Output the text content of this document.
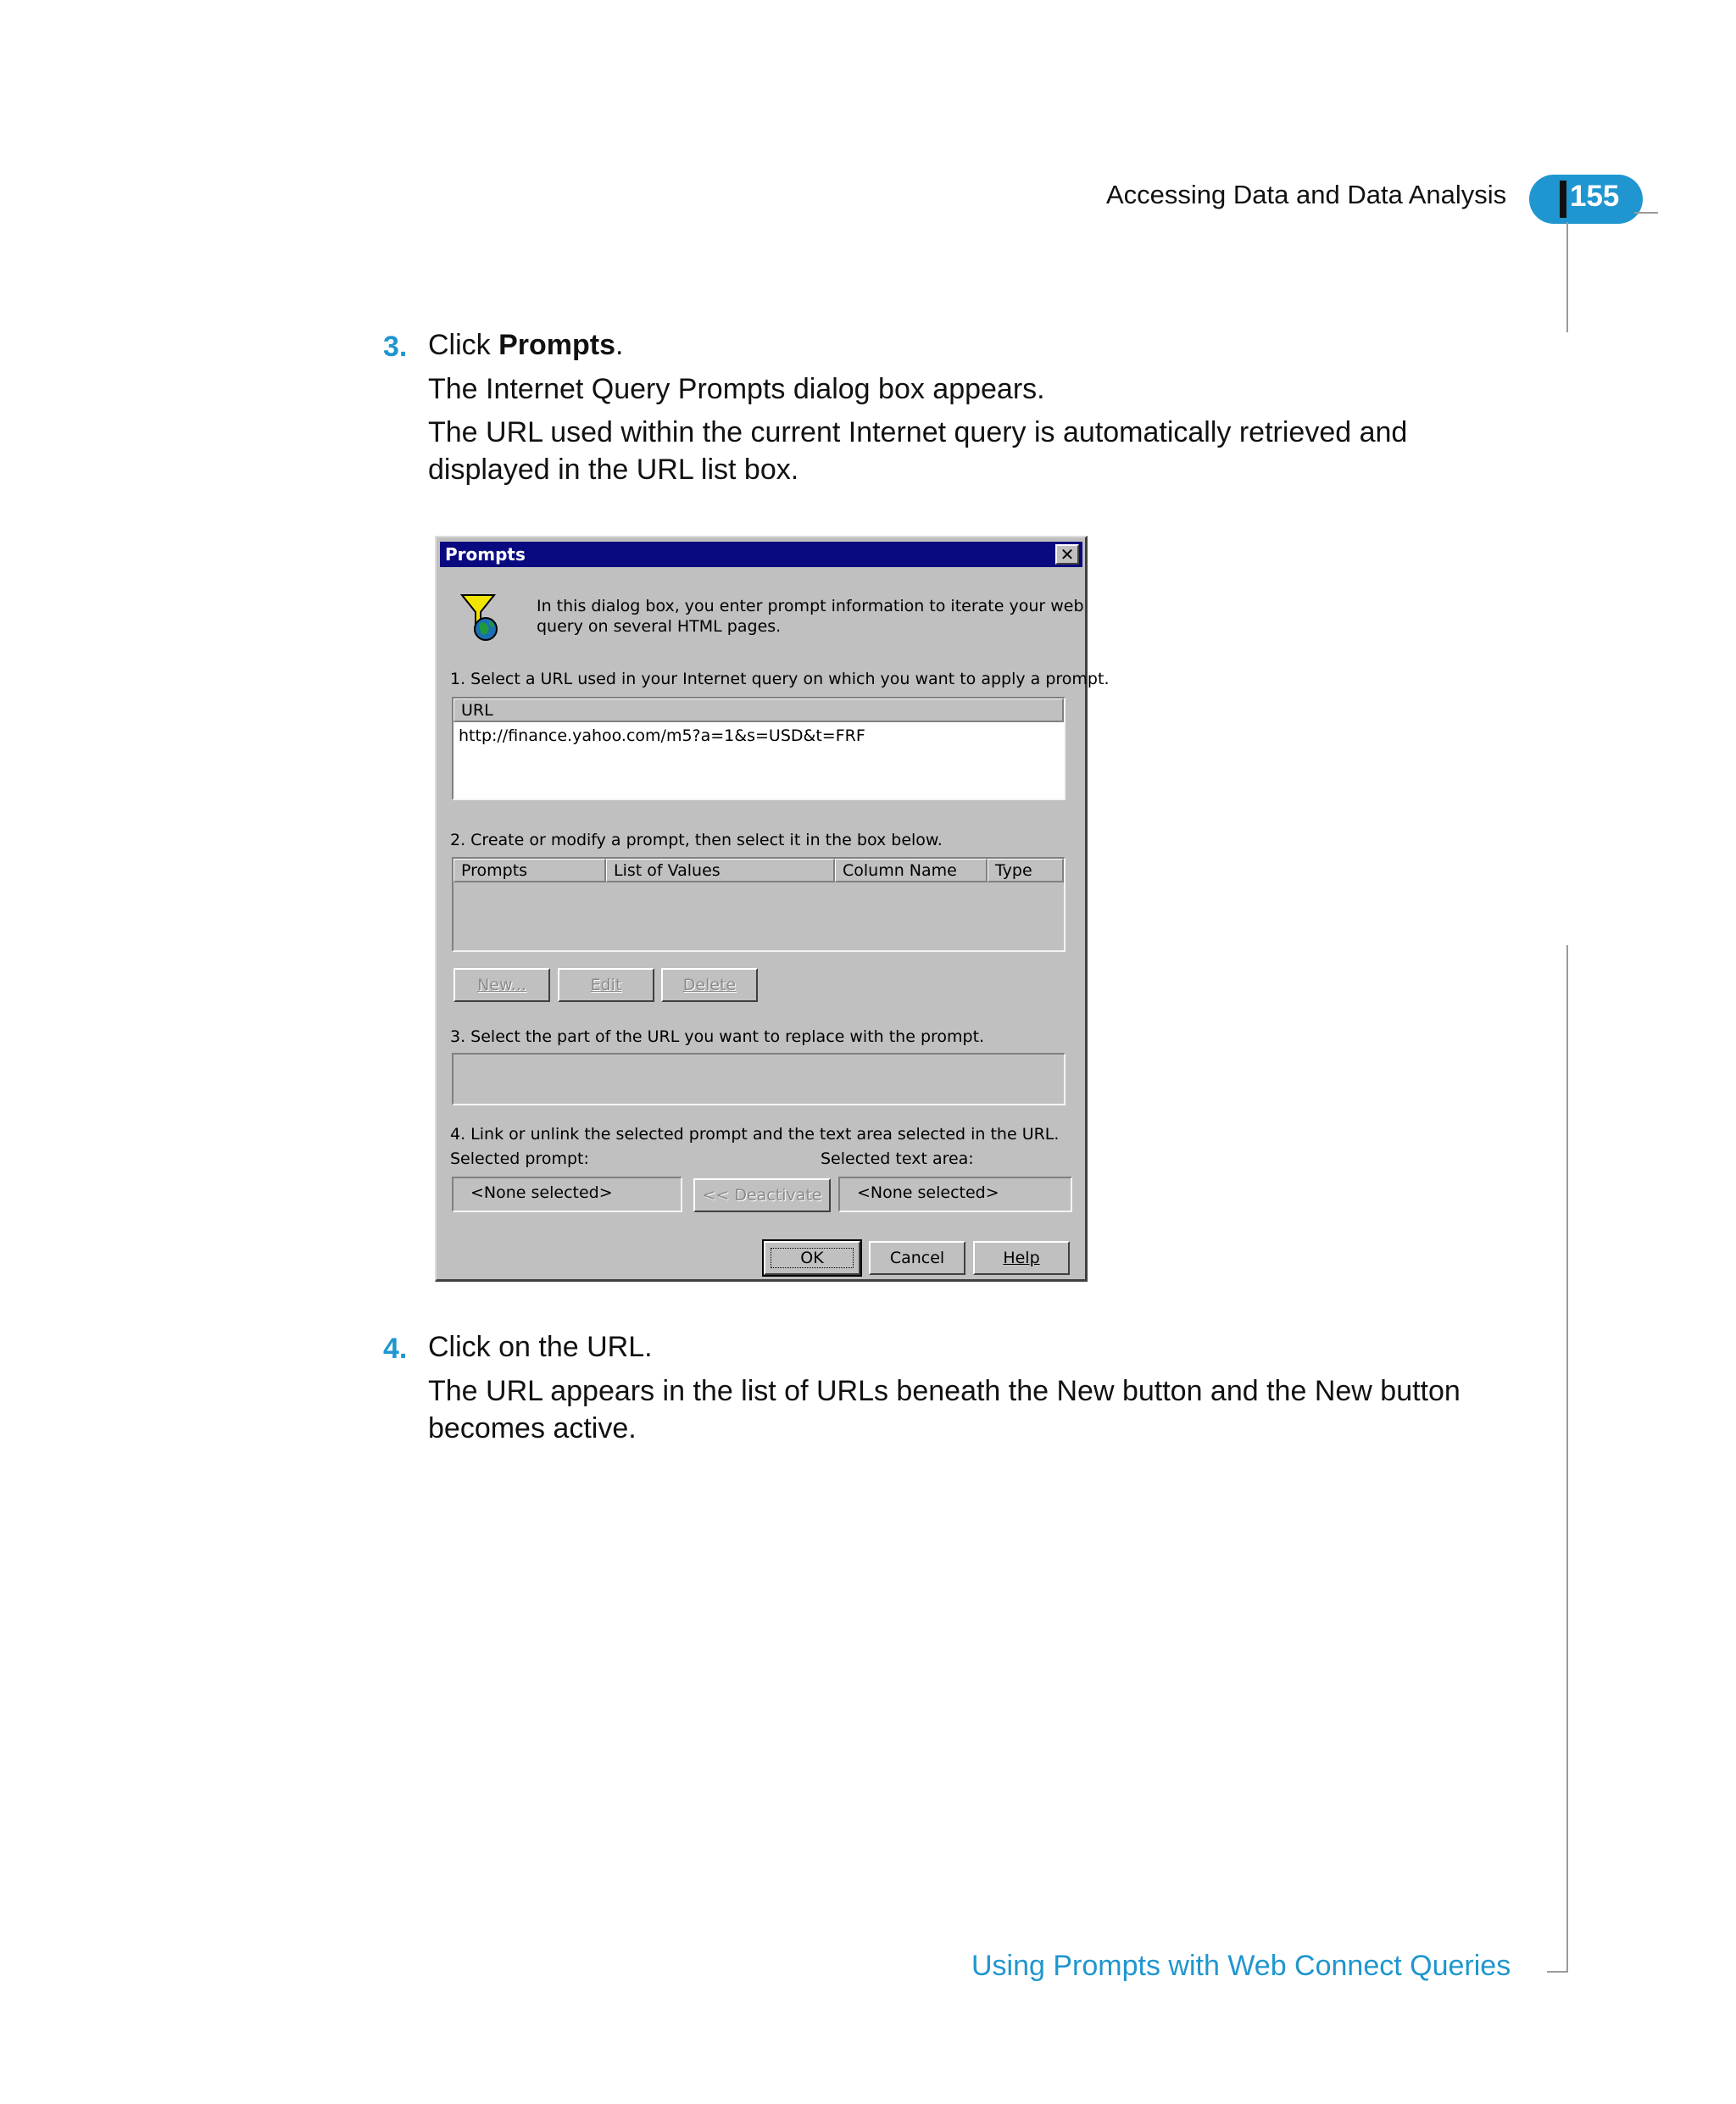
Accessing Data and Data Analysis 155
3. Click Prompts.
The Internet Query Prompts dialog box appears.
The URL used within the current Internet query is automatically retrieved and displayed in the URL list box.
Prompts	✕
In this dialog box, you enter prompt information to iterate your web
query on several HTML pages.
1. Select a URL used in your Internet query on which you want to apply a prompt.
URL
http://finance.yahoo.com/m5?a=1&s=USD&t=FRF
2. Create or modify a prompt, then select it in the box below.
Prompts	List of Values	Column Name	Type
New...	Edit	Delete
3. Select the part of the URL you want to replace with the prompt.
4. Link or unlink the selected prompt and the text area selected in the URL.
Selected prompt:	Selected text area:
<None selected>	<< Deactivate	<None selected>
OK	Cancel	Help
4. Click on the URL.
The URL appears in the list of URLs beneath the New button and the New button becomes active.
Using Prompts with Web Connect Queries
